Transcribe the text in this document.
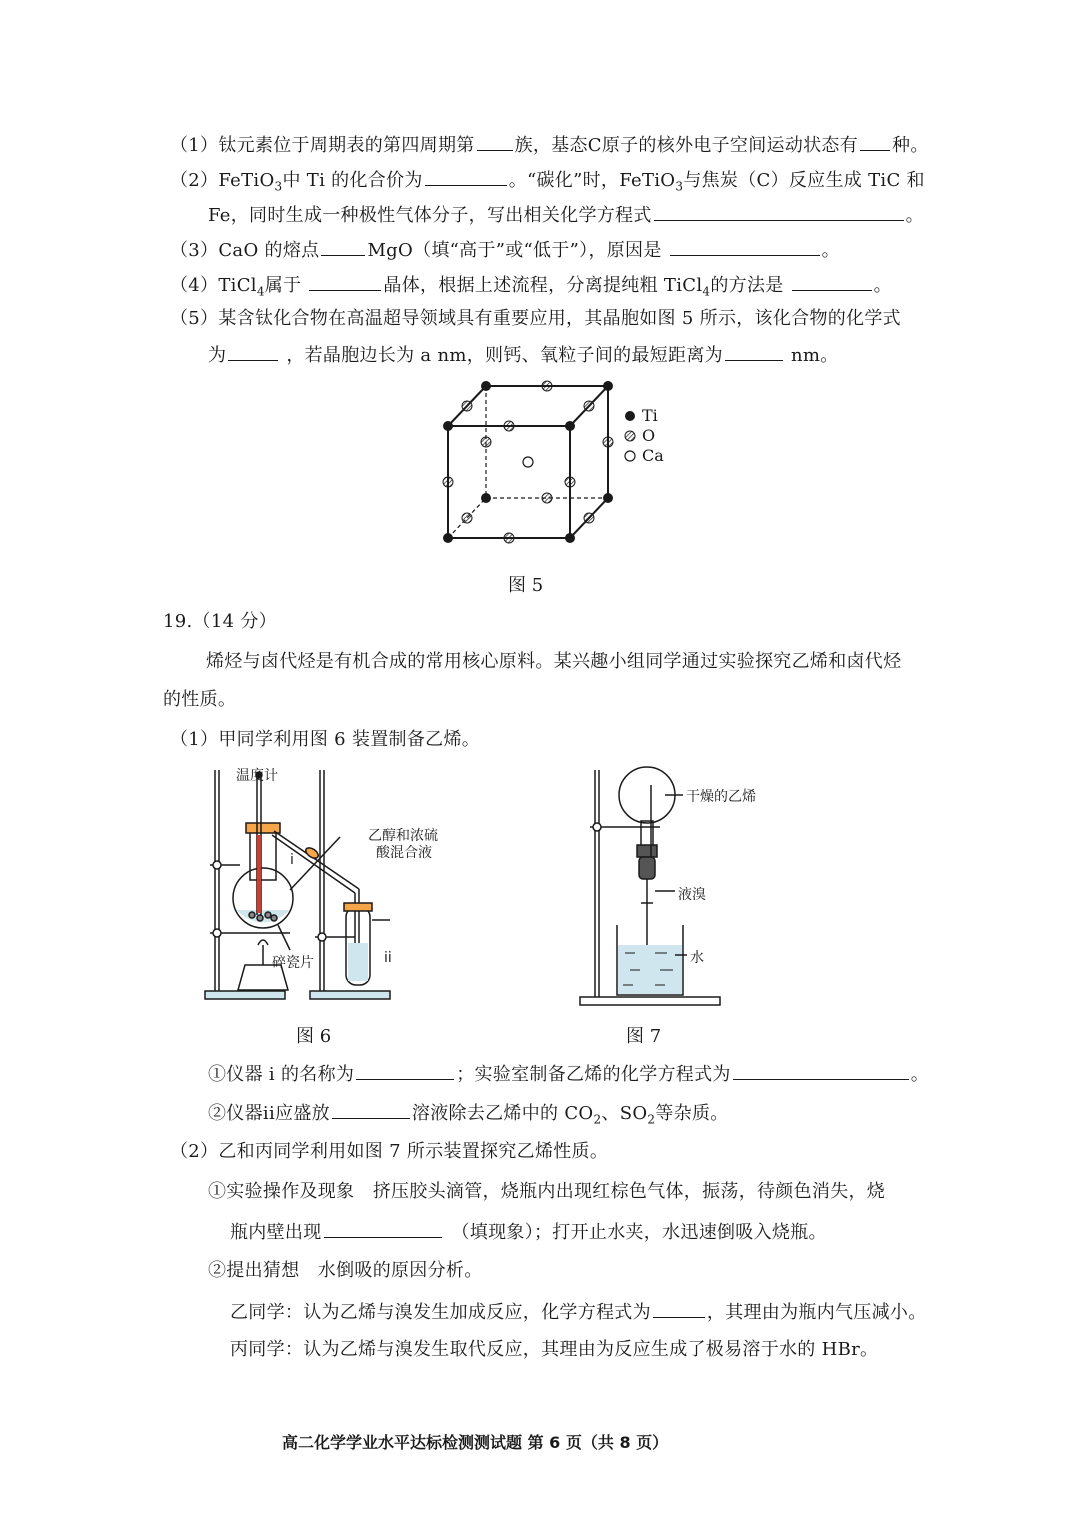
（1）钛元素位于周期表的第四周期第 族，基态C原子的核外电子空间运动状态有 种。
（2）FeTiO$_3$中 Ti 的化合价为	。“碳化”时，FeTiO$_3$与焦炭（C）反应生成 TiC 和
Fe，同时生成一种极性气体分子，写出相关化学方程式	。
（3）CaO 的熔点	MgO（填“高于”或“低于”），原因是	。
（4）TiCl$_4$属于	晶体，根据上述流程，分离提纯粗 TiCl$_4$的方法是	。
（5）某含钛化合物在高温超导领域具有重要应用，其晶胞如图 5 所示，该化合物的化学式
为	，若晶胞边长为 a nm，则钙、氧粒子间的最短距离为	nm。
Ti
O
Ca
图 5
19.（14 分）
烯烃与卤代烃是有机合成的常用核心原料。某兴趣小组同学通过实验探究乙烯和卤代烃
的性质。
（1）甲同学利用图 6 装置制备乙烯。
温度计
乙醇和浓硫
酸混合液
i
ii
碎瓷片
图 6
干燥的乙烯
液溴
水
图 7
①仪器 i 的名称为	；实验室制备乙烯的化学方程式为	。
②仪器ii应盛放	溶液除去乙烯中的 $CO_2$、$SO_2$等杂质。
（2）乙和丙同学利用如图 7 所示装置探究乙烯性质。
①实验操作及现象　挤压胶头滴管，烧瓶内出现红棕色气体，振荡，待颜色消失，烧
瓶内壁出现	（填现象）；打开止水夹，水迅速倒吸入烧瓶。
②提出猜想　水倒吸的原因分析。
乙同学：认为乙烯与溴发生加成反应，化学方程式为	，其理由为瓶内气压减小。
丙同学：认为乙烯与溴发生取代反应，其理由为反应生成了极易溶于水的 HBr。
高二化学学业水平达标检测测试题 第 6 页（共 8 页）
